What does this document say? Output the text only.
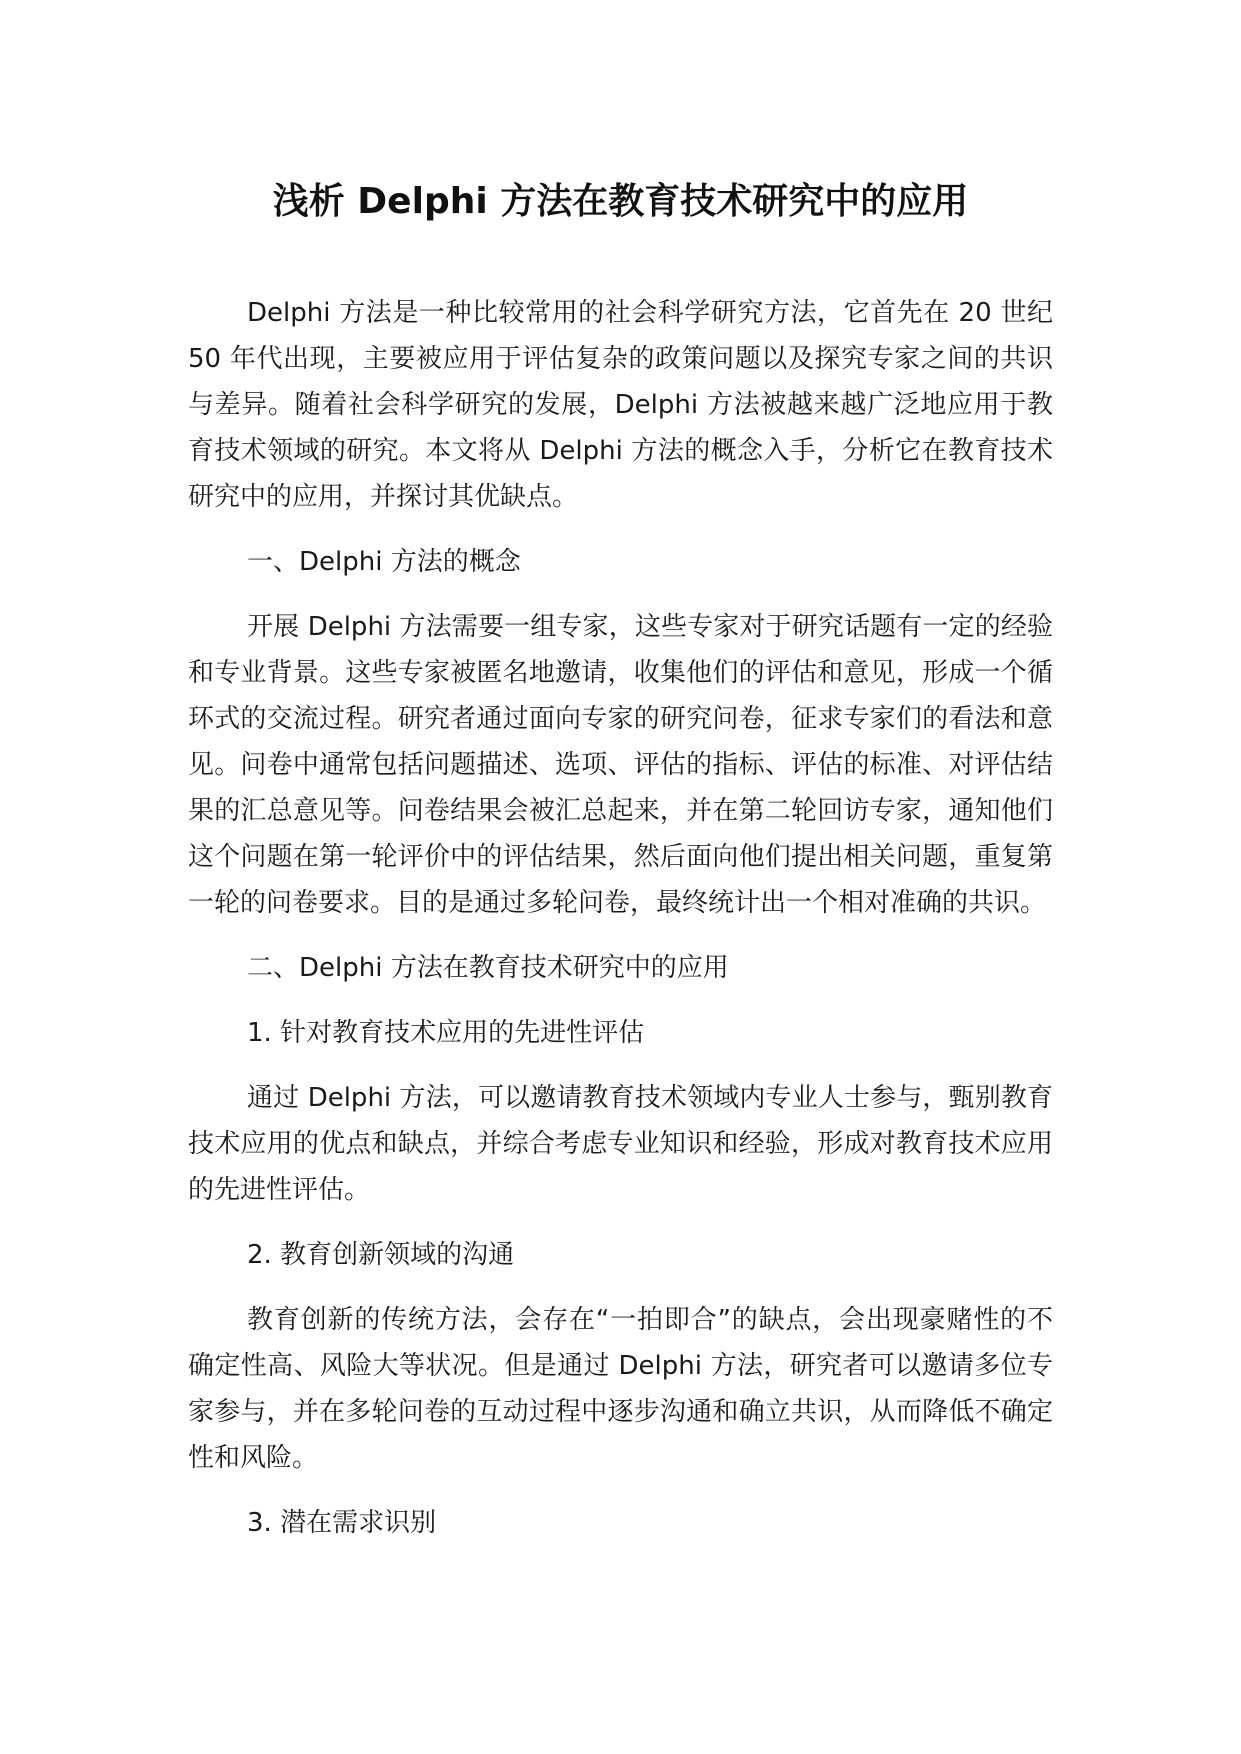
浅析 Delphi 方法在教育技术研究中的应用

Delphi 方法是一种比较常用的社会科学研究方法，它首先在 20 世纪 50 年代出现，主要被应用于评估复杂的政策问题以及探究专家之间的共识与差异。随着社会科学研究的发展，Delphi 方法被越来越广泛地应用于教育技术领域的研究。本文将从 Delphi 方法的概念入手，分析它在教育技术研究中的应用，并探讨其优缺点。

一、Delphi 方法的概念

开展 Delphi 方法需要一组专家，这些专家对于研究话题有一定的经验和专业背景。这些专家被匿名地邀请，收集他们的评估和意见，形成一个循环式的交流过程。研究者通过面向专家的研究问卷，征求专家们的看法和意见。问卷中通常包括问题描述、选项、评估的指标、评估的标准、对评估结果的汇总意见等。问卷结果会被汇总起来，并在第二轮回访专家，通知他们这个问题在第一轮评价中的评估结果，然后面向他们提出相关问题，重复第一轮的问卷要求。目的是通过多轮问卷，最终统计出一个相对准确的共识。

二、Delphi 方法在教育技术研究中的应用

1. 针对教育技术应用的先进性评估

通过 Delphi 方法，可以邀请教育技术领域内专业人士参与，甄别教育技术应用的优点和缺点，并综合考虑专业知识和经验，形成对教育技术应用的先进性评估。

2. 教育创新领域的沟通

教育创新的传统方法，会存在“一拍即合”的缺点，会出现豪赌性的不确定性高、风险大等状况。但是通过 Delphi 方法，研究者可以邀请多位专家参与，并在多轮问卷的互动过程中逐步沟通和确立共识，从而降低不确定性和风险。

3. 潜在需求识别
